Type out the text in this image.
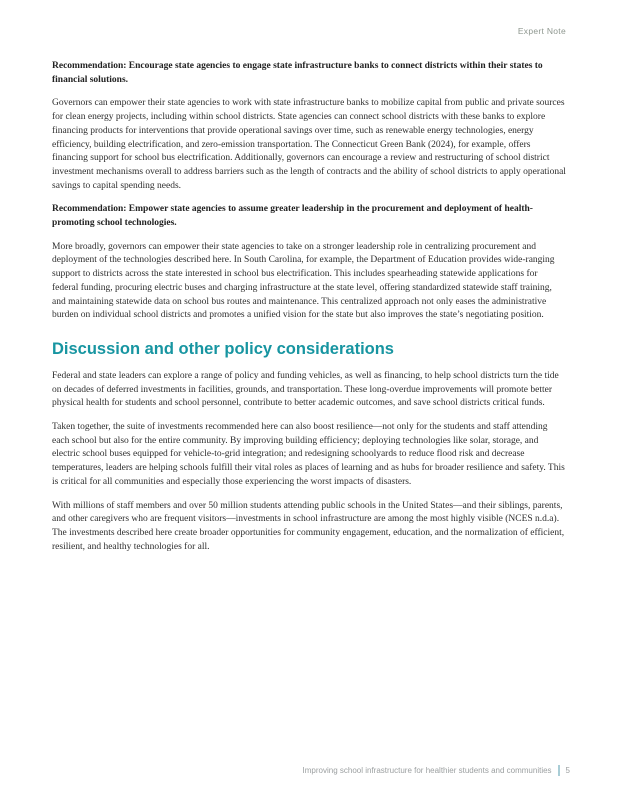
Expert Note

Recommendation: Encourage state agencies to engage state infrastructure banks to connect districts within their states to financial solutions.

Governors can empower their state agencies to work with state infrastructure banks to mobilize capital from public and private sources for clean energy projects, including within school districts. State agencies can connect school districts with these banks to explore financing products for interventions that provide operational savings over time, such as renewable energy technologies, energy efficiency, building electrification, and zero-emission transportation. The Connecticut Green Bank (2024), for example, offers financing support for school bus electrification. Additionally, governors can encourage a review and restructuring of school district investment mechanisms overall to address barriers such as the length of contracts and the ability of school districts to apply operational savings to capital spending needs.

Recommendation: Empower state agencies to assume greater leadership in the procurement and deployment of health-promoting school technologies.

More broadly, governors can empower their state agencies to take on a stronger leadership role in centralizing procurement and deployment of the technologies described here. In South Carolina, for example, the Department of Education provides wide-ranging support to districts across the state interested in school bus electrification. This includes spearheading statewide applications for federal funding, procuring electric buses and charging infrastructure at the state level, offering standardized statewide staff training, and maintaining statewide data on school bus routes and maintenance. This centralized approach not only eases the administrative burden on individual school districts and promotes a unified vision for the state but also improves the state’s negotiating position.

Discussion and other policy considerations

Federal and state leaders can explore a range of policy and funding vehicles, as well as financing, to help school districts turn the tide on decades of deferred investments in facilities, grounds, and transportation. These long-overdue improvements will promote better physical health for students and school personnel, contribute to better academic outcomes, and save school districts critical funds.

Taken together, the suite of investments recommended here can also boost resilience—not only for the students and staff attending each school but also for the entire community. By improving building efficiency; deploying technologies like solar, storage, and electric school buses equipped for vehicle-to-grid integration; and redesigning schoolyards to reduce flood risk and decrease temperatures, leaders are helping schools fulfill their vital roles as places of learning and as hubs for broader resilience and safety. This is critical for all communities and especially those experiencing the worst impacts of disasters.

With millions of staff members and over 50 million students attending public schools in the United States—and their siblings, parents, and other caregivers who are frequent visitors—investments in school infrastructure are among the most highly visible (NCES n.d.a). The investments described here create broader opportunities for community engagement, education, and the normalization of efficient, resilient, and healthy technologies for all.

Improving school infrastructure for healthier students and communities 5
